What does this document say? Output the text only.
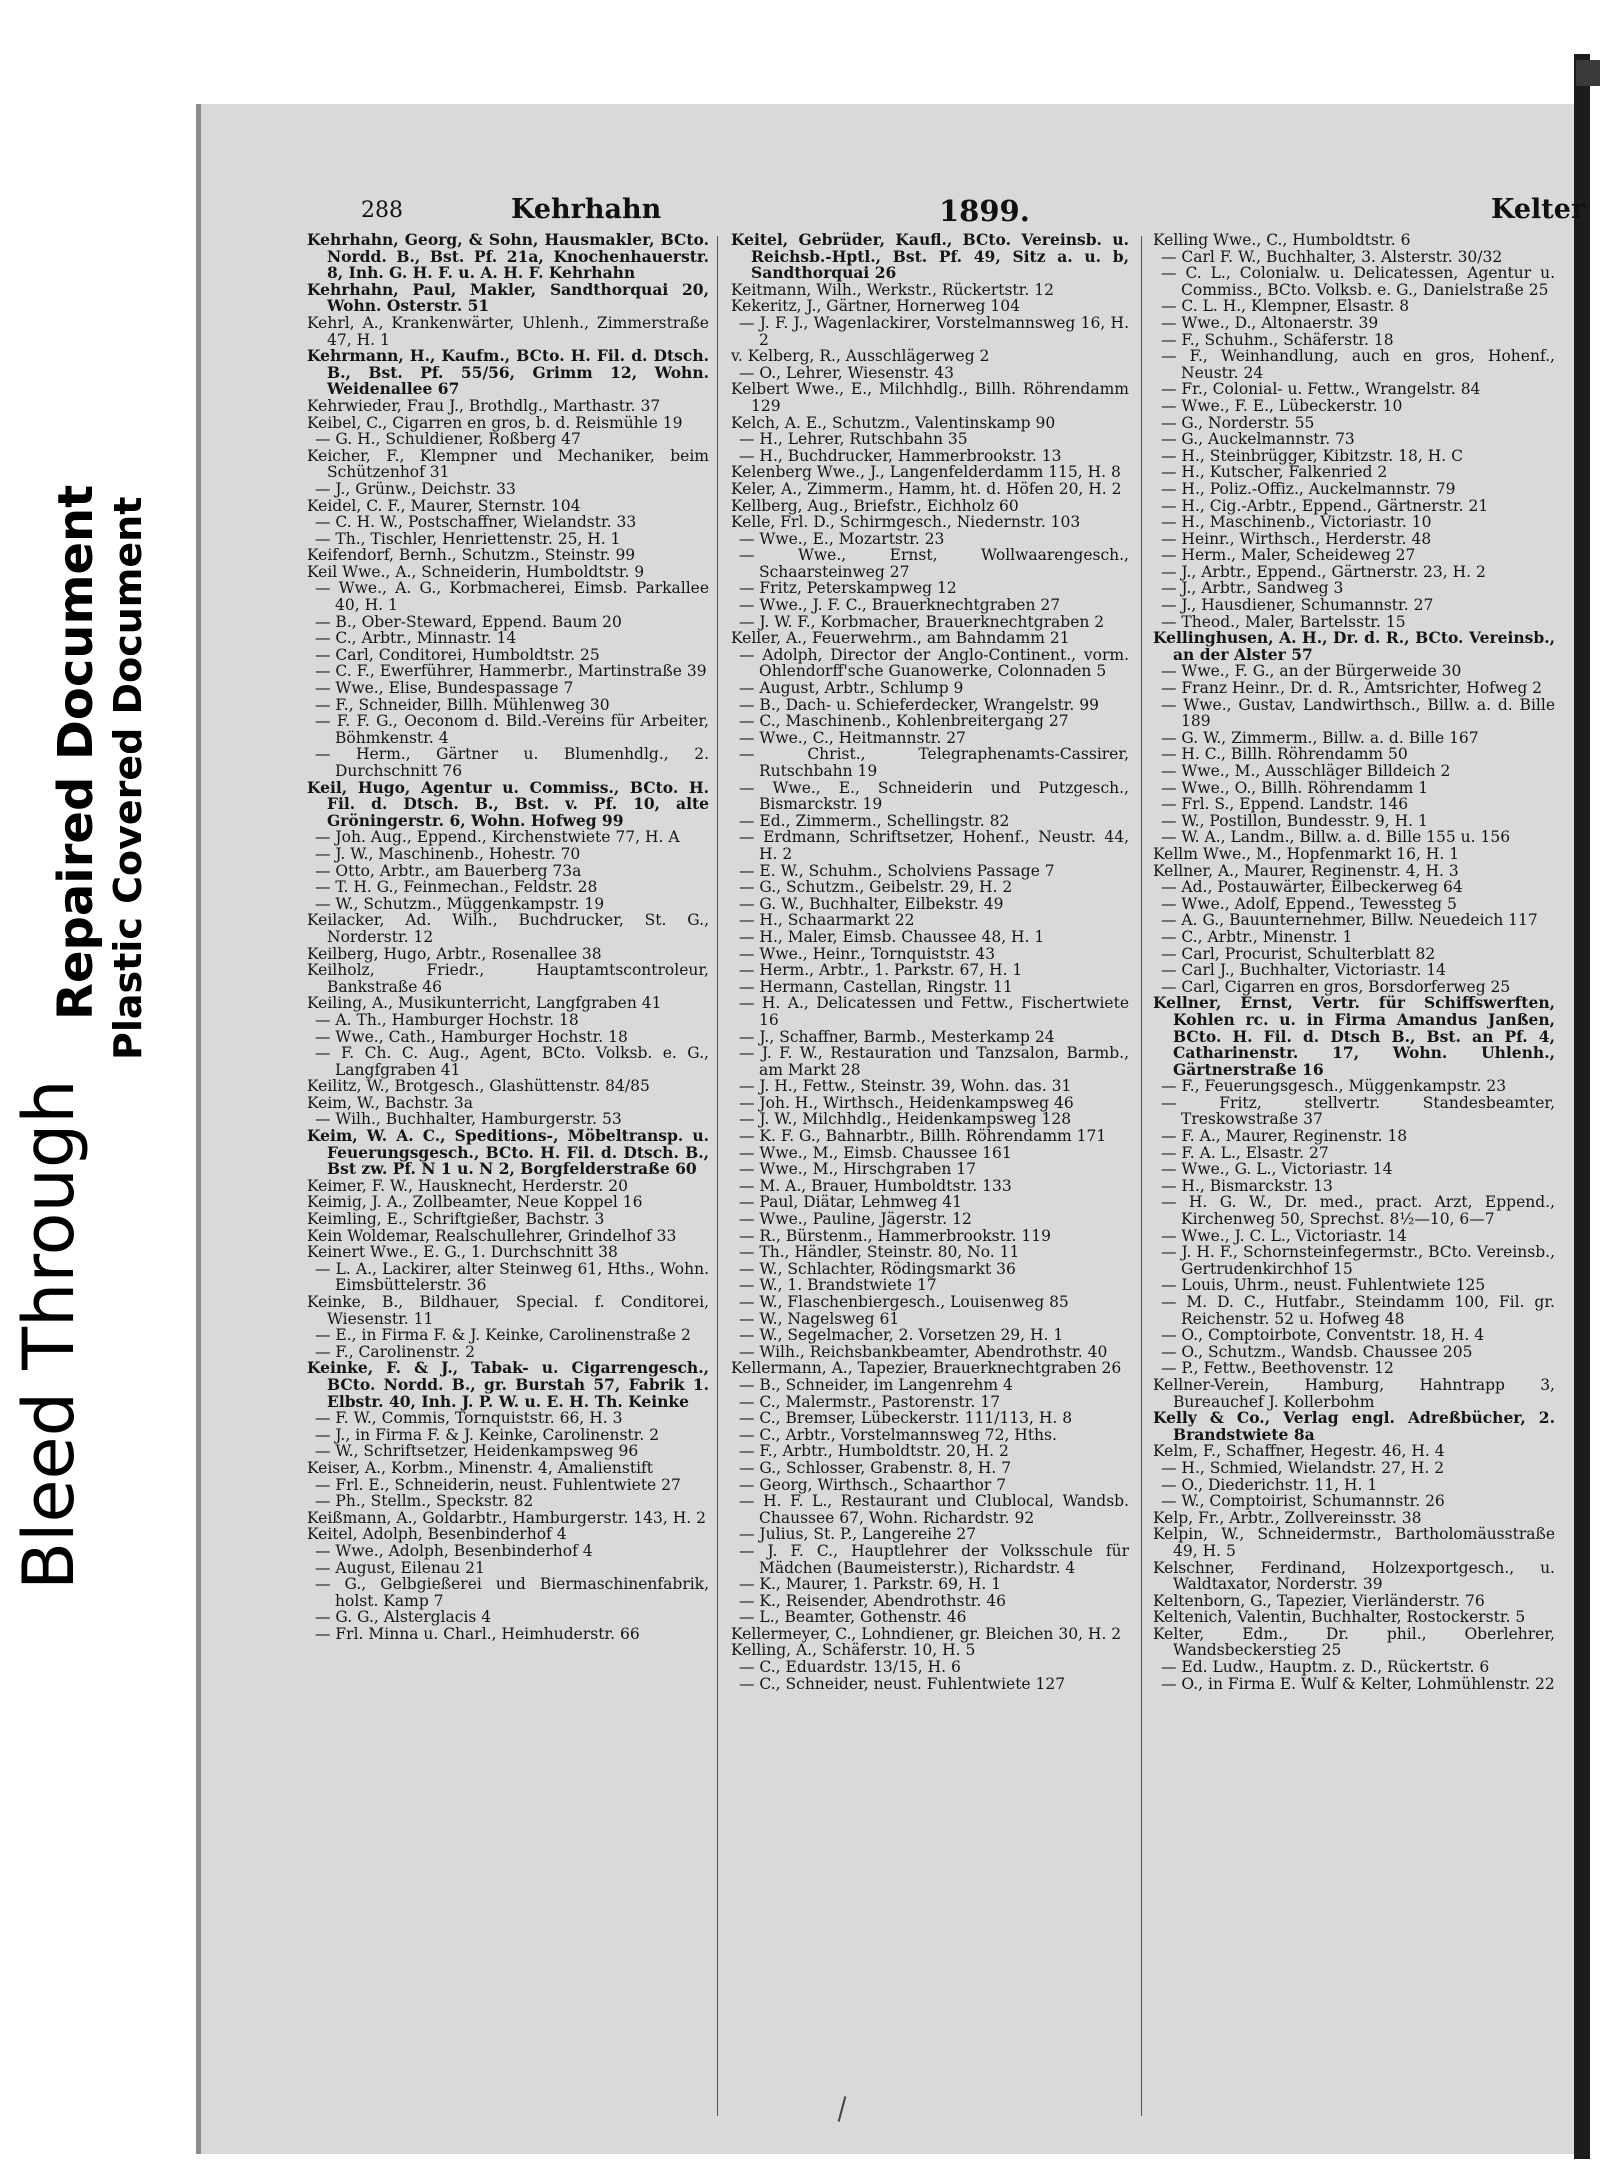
Bleed Through
Repaired Document Plastic Covered Document
288	Kehrhahn	1899.	Kelter

Kehrhahn, Georg, & Sohn, Hausmakler, BCto. Nordd. B., Bst. Pf. 21a, Knochenhauerstr. 8, Inh. G. H. F. u. A. H. F. Kehrhahn

Kehrhahn, Paul, Makler, Sandthorquai 20, Wohn. Osterstr. 51

Kehrl, A., Krankenwärter, Uhlenh., Zimmerstraße 47, H. 1

Kehrmann, H., Kaufm., BCto. H. Fil. d. Dtsch. B., Bst. Pf. 55/56, Grimm 12, Wohn. Weidenallee 67

Kehrwieder, Frau J., Brothdlg., Marthastr. 37

Keibel, C., Cigarren en gros, b. d. Reismühle 19

— G. H., Schuldiener, Roßberg 47

Keicher, F., Klempner und Mechaniker, beim Schützenhof 31

— J., Grünw., Deichstr. 33

Keidel, C. F., Maurer, Sternstr. 104

— C. H. W., Postschaffner, Wielandstr. 33

— Th., Tischler, Henriettenstr. 25, H. 1

Keifendorf, Bernh., Schutzm., Steinstr. 99

Keil Wwe., A., Schneiderin, Humboldtstr. 9

— Wwe., A. G., Korbmacherei, Eimsb. Parkallee 40, H. 1

— B., Ober-Steward, Eppend. Baum 20

— C., Arbtr., Minnastr. 14

— Carl, Conditorei, Humboldtstr. 25

— C. F., Ewerführer, Hammerbr., Martinstraße 39

— Wwe., Elise, Bundespassage 7

— F., Schneider, Billh. Mühlenweg 30

— F. F. G., Oeconom d. Bild.-Vereins für Arbeiter, Böhmkenstr. 4

— Herm., Gärtner u. Blumenhdlg., 2. Durchschnitt 76

Keil, Hugo, Agentur u. Commiss., BCto. H. Fil. d. Dtsch. B., Bst. v. Pf. 10, alte Gröningerstr. 6, Wohn. Hofweg 99

— Joh. Aug., Eppend., Kirchenstwiete 77, H. A

— J. W., Maschinenb., Hohestr. 70

— Otto, Arbtr., am Bauerberg 73a

— T. H. G., Feinmechan., Feldstr. 28

— W., Schutzm., Müggenkampstr. 19

Keilacker, Ad. Wilh., Buchdrucker, St. G., Norderstr. 12

Keilberg, Hugo, Arbtr., Rosenallee 38

Keilholz, Friedr., Hauptamtscontroleur, Bankstraße 46

Keiling, A., Musikunterricht, Langfgraben 41

— A. Th., Hamburger Hochstr. 18

— Wwe., Cath., Hamburger Hochstr. 18

— F. Ch. C. Aug., Agent, BCto. Volksb. e. G., Langfgraben 41

Keilitz, W., Brotgesch., Glashüttenstr. 84/85

Keim, W., Bachstr. 3a

— Wilh., Buchhalter, Hamburgerstr. 53

Keim, W. A. C., Speditions-, Möbeltransp. u. Feuerungsgesch., BCto. H. Fil. d. Dtsch. B., Bst zw. Pf. N 1 u. N 2, Borgfelderstraße 60

Keimer, F. W., Hausknecht, Herderstr. 20

Keimig, J. A., Zollbeamter, Neue Koppel 16

Keimling, E., Schriftgießer, Bachstr. 3

Kein Woldemar, Realschullehrer, Grindelhof 33

Keinert Wwe., E. G., 1. Durchschnitt 38

— L. A., Lackirer, alter Steinweg 61, Hths., Wohn. Eimsbüttelerstr. 36

Keinke, B., Bildhauer, Special. f. Conditorei, Wiesenstr. 11

— E., in Firma F. & J. Keinke, Carolinenstraße 2

— F., Carolinenstr. 2

Keinke, F. & J., Tabak- u. Cigarrengesch., BCto. Nordd. B., gr. Burstah 57, Fabrik 1. Elbstr. 40, Inh. J. P. W. u. E. H. Th. Keinke

— F. W., Commis, Tornquiststr. 66, H. 3

— J., in Firma F. & J. Keinke, Carolinenstr. 2

— W., Schriftsetzer, Heidenkampsweg 96

Keiser, A., Korbm., Minenstr. 4, Amalienstift

— Frl. E., Schneiderin, neust. Fuhlentwiete 27

— Ph., Stellm., Speckstr. 82

Keißmann, A., Goldarbtr., Hamburgerstr. 143, H. 2

Keitel, Adolph, Besenbinderhof 4

— Wwe., Adolph, Besenbinderhof 4

— August, Eilenau 21

— G., Gelbgießerei und Biermaschinenfabrik, holst. Kamp 7

— G. G., Alsterglacis 4

— Frl. Minna u. Charl., Heimhuderstr. 66

Keitel, Gebrüder, Kaufl., BCto. Vereinsb. u. Reichsb.-Hptl., Bst. Pf. 49, Sitz a. u. b, Sandthorquai 26

Keitmann, Wilh., Werkstr., Rückertstr. 12

Kekeritz, J., Gärtner, Hornerweg 104

— J. F. J., Wagenlackirer, Vorstelmannsweg 16, H. 2

v. Kelberg, R., Ausschlägerweg 2

— O., Lehrer, Wiesenstr. 43

Kelbert Wwe., E., Milchhdlg., Billh. Röhrendamm 129

Kelch, A. E., Schutzm., Valentinskamp 90

— H., Lehrer, Rutschbahn 35

— H., Buchdrucker, Hammerbrookstr. 13

Kelenberg Wwe., J., Langenfelderdamm 115, H. 8

Keler, A., Zimmerm., Hamm, ht. d. Höfen 20, H. 2

Kellberg, Aug., Briefstr., Eichholz 60

Kelle, Frl. D., Schirmgesch., Niedernstr. 103

— Wwe., E., Mozartstr. 23

— Wwe., Ernst, Wollwaarengesch., Schaarsteinweg 27

— Fritz, Peterskampweg 12

— Wwe., J. F. C., Brauerknechtgraben 27

— J. W. F., Korbmacher, Brauerknechtgraben 2

Keller, A., Feuerwehrm., am Bahndamm 21

— Adolph, Director der Anglo-Continent., vorm. Ohlendorff'sche Guanowerke, Colonnaden 5

— August, Arbtr., Schlump 9

— B., Dach- u. Schieferdecker, Wrangelstr. 99

— C., Maschinenb., Kohlenbreitergang 27

— Wwe., C., Heitmannstr. 27

— Christ., Telegraphenamts-Cassirer, Rutschbahn 19

— Wwe., E., Schneiderin und Putzgesch., Bismarckstr. 19

— Ed., Zimmerm., Schellingstr. 82

— Erdmann, Schriftsetzer, Hohenf., Neustr. 44, H. 2

— E. W., Schuhm., Scholviens Passage 7

— G., Schutzm., Geibelstr. 29, H. 2

— G. W., Buchhalter, Eilbekstr. 49

— H., Schaarmarkt 22

— H., Maler, Eimsb. Chaussee 48, H. 1

— Wwe., Heinr., Tornquiststr. 43

— Herm., Arbtr., 1. Parkstr. 67, H. 1

— Hermann, Castellan, Ringstr. 11

— H. A., Delicatessen und Fettw., Fischertwiete 16

— J., Schaffner, Barmb., Mesterkamp 24

— J. F. W., Restauration und Tanzsalon, Barmb., am Markt 28

— J. H., Fettw., Steinstr. 39, Wohn. das. 31

— Joh. H., Wirthsch., Heidenkampsweg 46

— J. W., Milchhdlg., Heidenkampsweg 128

— K. F. G., Bahnarbtr., Billh. Röhrendamm 171

— Wwe., M., Eimsb. Chaussee 161

— Wwe., M., Hirschgraben 17

— M. A., Brauer, Humboldtstr. 133

— Paul, Diätar, Lehmweg 41

— Wwe., Pauline, Jägerstr. 12

— R., Bürstenm., Hammerbrookstr. 119

— Th., Händler, Steinstr. 80, No. 11

— W., Schlachter, Rödingsmarkt 36

— W., 1. Brandstwiete 17

— W., Flaschenbiergesch., Louisenweg 85

— W., Nagelsweg 61

— W., Segelmacher, 2. Vorsetzen 29, H. 1

— Wilh., Reichsbankbeamter, Abendrothstr. 40

Kellermann, A., Tapezier, Brauerknechtgraben 26

— B., Schneider, im Langenrehm 4

— C., Malermstr., Pastorenstr. 17

— C., Bremser, Lübeckerstr. 111/113, H. 8

— C., Arbtr., Vorstelmannsweg 72, Hths.

— F., Arbtr., Humboldtstr. 20, H. 2

— G., Schlosser, Grabenstr. 8, H. 7

— Georg, Wirthsch., Schaarthor 7

— H. F. L., Restaurant und Clublocal, Wandsb. Chaussee 67, Wohn. Richardstr. 92

— Julius, St. P., Langereihe 27

— J. F. C., Hauptlehrer der Volksschule für Mädchen (Baumeisterstr.), Richardstr. 4

— K., Maurer, 1. Parkstr. 69, H. 1

— K., Reisender, Abendrothstr. 46

— L., Beamter, Gothenstr. 46

Kellermeyer, C., Lohndiener, gr. Bleichen 30, H. 2

Kelling, A., Schäferstr. 10, H. 5

— C., Eduardstr. 13/15, H. 6

— C., Schneider, neust. Fuhlentwiete 127

Kelling Wwe., C., Humboldtstr. 6

— Carl F. W., Buchhalter, 3. Alsterstr. 30/32

— C. L., Colonialw. u. Delicatessen, Agentur u. Commiss., BCto. Volksb. e. G., Danielstraße 25

— C. L. H., Klempner, Elsastr. 8

— Wwe., D., Altonaerstr. 39

— F., Schuhm., Schäferstr. 18

— F., Weinhandlung, auch en gros, Hohenf., Neustr. 24

— Fr., Colonial- u. Fettw., Wrangelstr. 84

— Wwe., F. E., Lübeckerstr. 10

— G., Norderstr. 55

— G., Auckelmannstr. 73

— H., Steinbrügger, Kibitzstr. 18, H. C

— H., Kutscher, Falkenried 2

— H., Poliz.-Offiz., Auckelmannstr. 79

— H., Cig.-Arbtr., Eppend., Gärtnerstr. 21

— H., Maschinenb., Victoriastr. 10

— Heinr., Wirthsch., Herderstr. 48

— Herm., Maler, Scheideweg 27

— J., Arbtr., Eppend., Gärtnerstr. 23, H. 2

— J., Arbtr., Sandweg 3

— J., Hausdiener, Schumannstr. 27

— Theod., Maler, Bartelsstr. 15

Kellinghusen, A. H., Dr. d. R., BCto. Vereinsb., an der Alster 57

— Wwe., F. G., an der Bürgerweide 30

— Franz Heinr., Dr. d. R., Amtsrichter, Hofweg 2

— Wwe., Gustav, Landwirthsch., Billw. a. d. Bille 189

— G. W., Zimmerm., Billw. a. d. Bille 167

— H. C., Billh. Röhrendamm 50

— Wwe., M., Ausschläger Billdeich 2

— Wwe., O., Billh. Röhrendamm 1

— Frl. S., Eppend. Landstr. 146

— W., Postillon, Bundesstr. 9, H. 1

— W. A., Landm., Billw. a. d. Bille 155 u. 156

Kellm Wwe., M., Hopfenmarkt 16, H. 1

Kellner, A., Maurer, Reginenstr. 4, H. 3

— Ad., Postauwärter, Eilbeckerweg 64

— Wwe., Adolf, Eppend., Tewessteg 5

— A. G., Bauunternehmer, Billw. Neuedeich 117

— C., Arbtr., Minenstr. 1

— Carl, Procurist, Schulterblatt 82

— Carl J., Buchhalter, Victoriastr. 14

— Carl, Cigarren en gros, Borsdorferweg 25

Kellner, Ernst, Vertr. für Schiffswerften, Kohlen rc. u. in Firma Amandus Janßen, BCto. H. Fil. d. Dtsch B., Bst. an Pf. 4, Catharinenstr. 17, Wohn. Uhlenh., Gärtnerstraße 16

— F., Feuerungsgesch., Müggenkampstr. 23

— Fritz, stellvertr. Standesbeamter, Treskowstraße 37

— F. A., Maurer, Reginenstr. 18

— F. A. L., Elsastr. 27

— Wwe., G. L., Victoriastr. 14

— H., Bismarckstr. 13

— H. G. W., Dr. med., pract. Arzt, Eppend., Kirchenweg 50, Sprechst. 8½—10, 6—7

— Wwe., J. C. L., Victoriastr. 14

— J. H. F., Schornsteinfegermstr., BCto. Vereinsb., Gertrudenkirchhof 15

— Louis, Uhrm., neust. Fuhlentwiete 125

— M. D. C., Hutfabr., Steindamm 100, Fil. gr. Reichenstr. 52 u. Hofweg 48

— O., Comptoirbote, Conventstr. 18, H. 4

— O., Schutzm., Wandsb. Chaussee 205

— P., Fettw., Beethovenstr. 12

Kellner-Verein, Hamburg, Hahntrapp 3, Bureauchef J. Kollerbohm

Kelly & Co., Verlag engl. Adreßbücher, 2. Brandstwiete 8a

Kelm, F., Schaffner, Hegestr. 46, H. 4

— H., Schmied, Wielandstr. 27, H. 2

— O., Diederichstr. 11, H. 1

— W., Comptoirist, Schumannstr. 26

Kelp, Fr., Arbtr., Zollvereinsstr. 38

Kelpin, W., Schneidermstr., Bartholomäusstraße 49, H. 5

Kelschner, Ferdinand, Holzexportgesch., u. Waldtaxator, Norderstr. 39

Keltenborn, G., Tapezier, Vierländerstr. 76

Keltenich, Valentin, Buchhalter, Rostockerstr. 5

Kelter, Edm., Dr. phil., Oberlehrer, Wandsbeckerstieg 25

— Ed. Ludw., Hauptm. z. D., Rückertstr. 6

— O., in Firma E. Wulf & Kelter, Lohmühlenstr. 22
